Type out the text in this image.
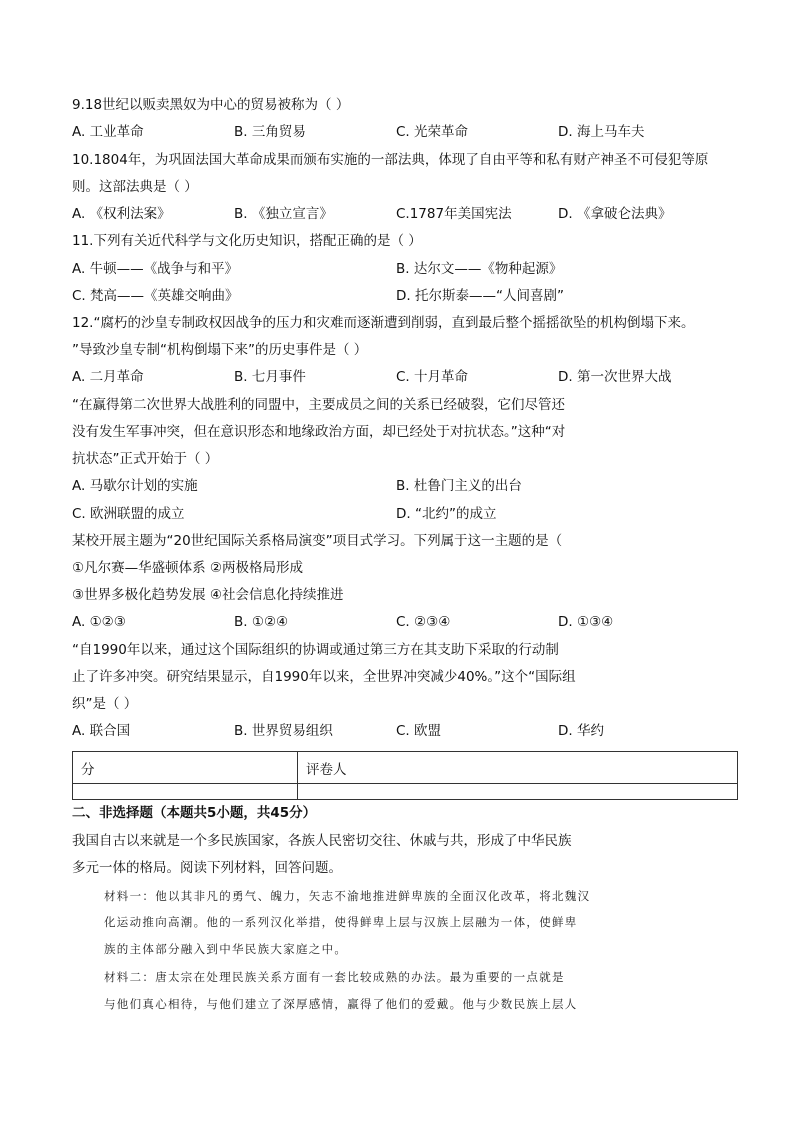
9.18世纪以贩卖黑奴为中心的贸易被称为（ ）
A. 工业革命	B. 三角贸易	C. 光荣革命	D. 海上马车夫
10.1804年，为巩固法国大革命成果而颁布实施的一部法典，体现了自由平等和私有财产神圣不可侵犯等原
则。这部法典是（ ）
A. 《权利法案》	B. 《独立宣言》	C.1787年美国宪法	D. 《拿破仑法典》
11.下列有关近代科学与文化历史知识，搭配正确的是（ ）
A. 牛顿——《战争与和平》	B. 达尔文——《物种起源》
C. 梵高——《英雄交响曲》	D. 托尔斯泰——“人间喜剧”
12.“腐朽的沙皇专制政权因战争的压力和灾难而逐渐遭到削弱，直到最后整个摇摇欲坠的机构倒塌下来。
”导致沙皇专制“机构倒塌下来”的历史事件是（ ）
A. 二月革命	B. 七月事件	C. 十月革命	D. 第一次世界大战
“在赢得第二次世界大战胜利的同盟中，主要成员之间的关系已经破裂，它们尽管还
没有发生军事冲突，但在意识形态和地缘政治方面，却已经处于对抗状态。”这种“对
抗状态”正式开始于（ ）
A. 马歇尔计划的实施	B. 杜鲁门主义的出台
C. 欧洲联盟的成立	D. “北约”的成立
某校开展主题为“20世纪国际关系格局演变”项目式学习。下列属于这一主题的是（
①凡尔赛—华盛顿体系 ②两极格局形成
③世界多极化趋势发展 ④社会信息化持续推进
A. ①②③	B. ①②④	C. ②③④	D. ①③④
“自1990年以来，通过这个国际组织的协调或通过第三方在其支助下采取的行动制
止了许多冲突。研究结果显示，自1990年以来，全世界冲突减少40%。”这个“国际组
织”是（ ）
A. 联合国	B. 世界贸易组织	C. 欧盟	D. 华约
分	评卷人

二、非选择题（本题共5小题，共45分）
我国自古以来就是一个多民族国家，各族人民密切交往、休戚与共，形成了中华民族
多元一体的格局。阅读下列材料，回答问题。
材料一：他以其非凡的勇气、魄力，矢志不渝地推进鲜卑族的全面汉化改革，将北魏汉
化运动推向高潮。他的一系列汉化举措，使得鲜卑上层与汉族上层融为一体，使鲜卑
族的主体部分融入到中华民族大家庭之中。
材料二：唐太宗在处理民族关系方面有一套比较成熟的办法。最为重要的一点就是
与他们真心相待，与他们建立了深厚感情，赢得了他们的爱戴。他与少数民族上层人
